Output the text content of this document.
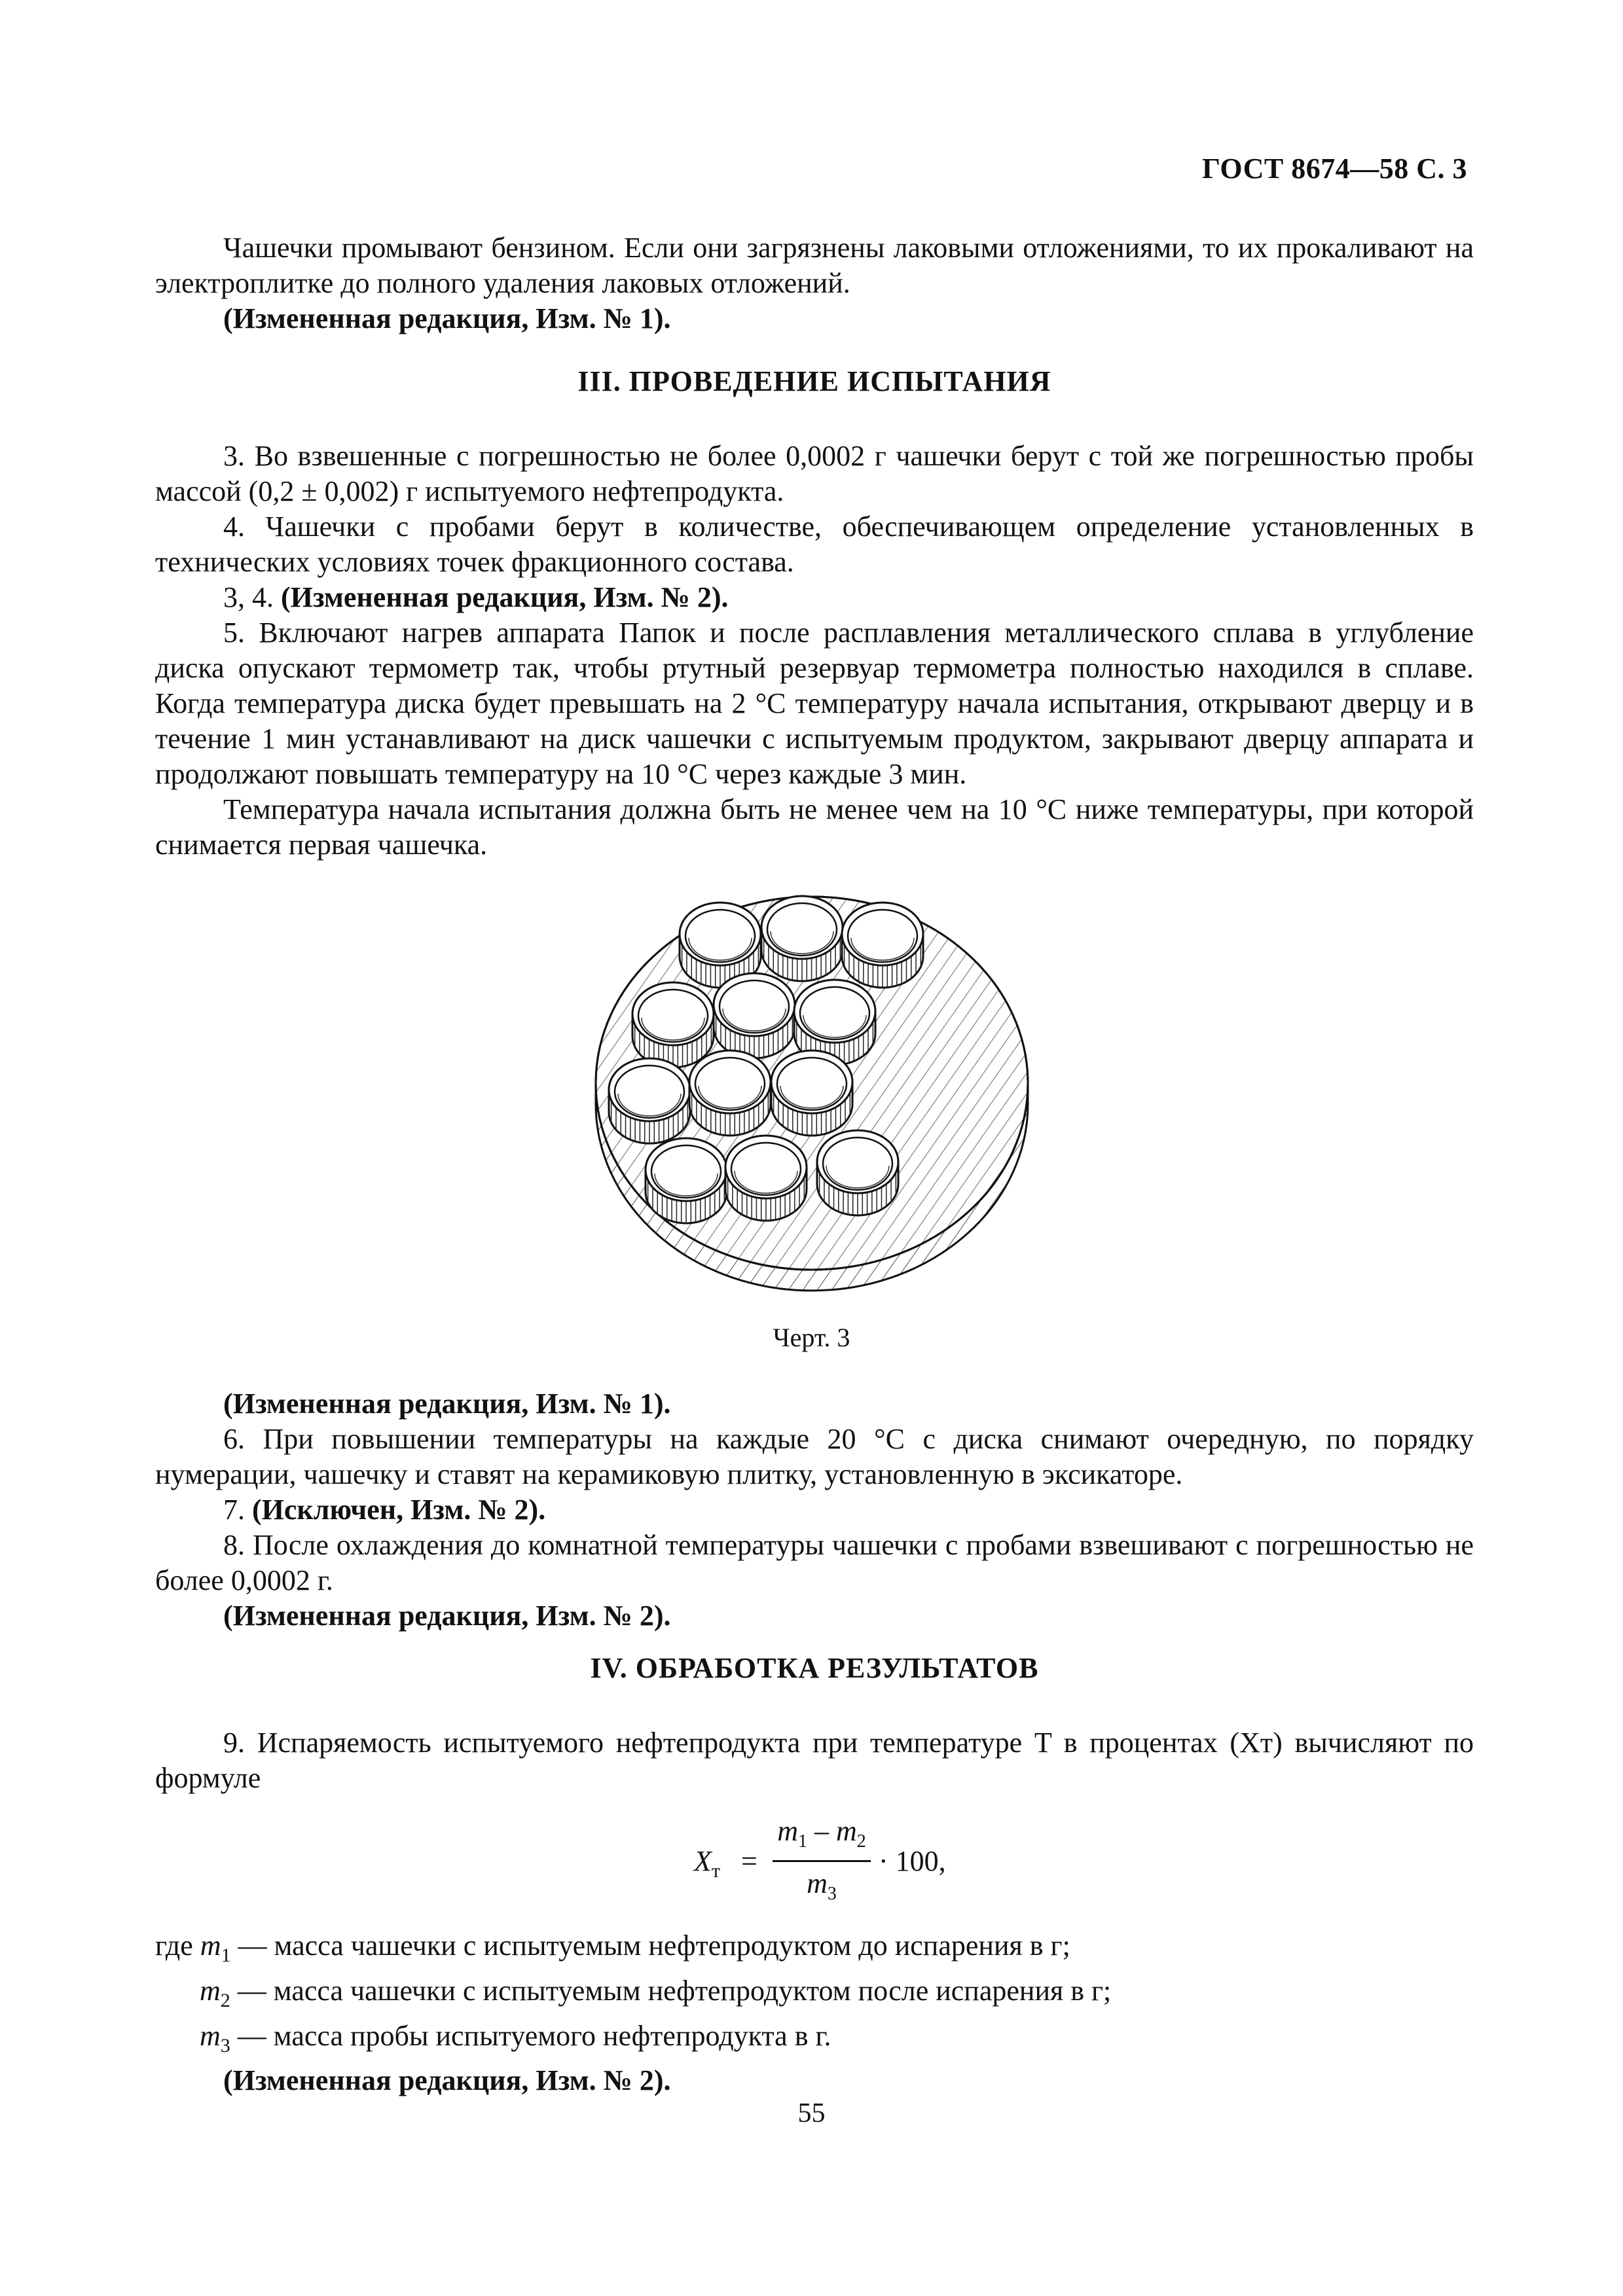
ГОСТ 8674—58 С. 3

Чашечки промывают бензином. Если они загрязнены лаковыми отложениями, то их прокаливают на электроплитке до полного удаления лаковых отложений.

(Измененная редакция, Изм. № 1).

III. ПРОВЕДЕНИЕ ИСПЫТАНИЯ

3. Во взвешенные с погрешностью не более 0,0002 г чашечки берут с той же погрешностью пробы массой (0,2 ± 0,002) г испытуемого нефтепродукта.

4. Чашечки с пробами берут в количестве, обеспечивающем определение установленных в технических условиях точек фракционного состава.

3, 4. (Измененная редакция, Изм. № 2).

5. Включают нагрев аппарата Папок и после расплавления металлического сплава в углубление диска опускают термометр так, чтобы ртутный резервуар термометра полностью находился в сплаве. Когда температура диска будет превышать на 2 °С температуру начала испытания, открывают дверцу и в течение 1 мин устанавливают на диск чашечки с испытуемым продуктом, закрывают дверцу аппарата и продолжают повышать температуру на 10 °С через каждые 3 мин.

Температура начала испытания должна быть не менее чем на 10 °С ниже температуры, при которой снимается первая чашечка.

Черт. 3

(Измененная редакция, Изм. № 1).

6. При повышении температуры на каждые 20 °С с диска снимают очередную, по порядку нумерации, чашечку и ставят на керамиковую плитку, установленную в эксикаторе.

7. (Исключен, Изм. № 2).

8. После охлаждения до комнатной температуры чашечки с пробами взвешивают с погрешностью не более 0,0002 г.

(Измененная редакция, Изм. № 2).

IV. ОБРАБОТКА РЕЗУЛЬТАТОВ

9. Испаряемость испытуемого нефтепродукта при температуре T в процентах (Xт) вычисляют по формуле

$X_т$ =
$m_1 - m_2$
$m_3$
· 100,
где $m_1$ — масса чашечки с испытуемым нефтепродуктом до испарения в г;
$m_2$ — масса чашечки с испытуемым нефтепродуктом после испарения в г;
$m_3$ — масса пробы испытуемого нефтепродукта в г.
(Измененная редакция, Изм. № 2).
55
